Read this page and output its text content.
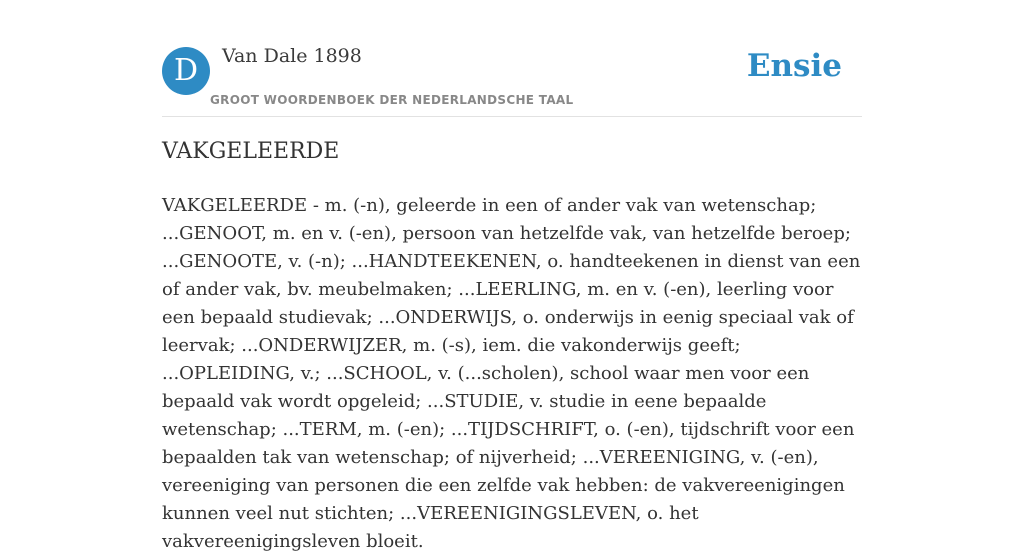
D	Van Dale 1898
GROOT WOORDENBOEK DER NEDERLANDSCHE TAAL
Ensie
VAKGELEERDE

VAKGELEERDE - m. (-n), geleerde in een of ander vak van wetenschap; ...GENOOT, m. en v. (-en), persoon van hetzelfde vak, van hetzelfde beroep; ...GENOOTE, v. (-n); ...HANDTEEKENEN, o. handteekenen in dienst van een of ander vak, bv. meubelmaken; ...LEERLING, m. en v. (-en), leerling voor een bepaald studievak; ...ONDERWIJS, o. onderwijs in eenig speciaal vak of leervak; ...ONDERWIJZER, m. (-s), iem. die vakonderwijs geeft; ...OPLEIDING, v.; ...SCHOOL, v. (...scholen), school waar men voor een bepaald vak wordt opgeleid; ...STUDIE, v. studie in eene bepaalde wetenschap; ...TERM, m. (-en); ...TIJDSCHRIFT, o. (-en), tijdschrift voor een bepaalden tak van wetenschap; of nijverheid; ...VEREENIGING, v. (-en), vereeniging van personen die een zelfde vak hebben: de vakvereenigingen kunnen veel nut stichten; ...VEREENIGINGSLEVEN, o. het vakvereenigingsleven bloeit.
